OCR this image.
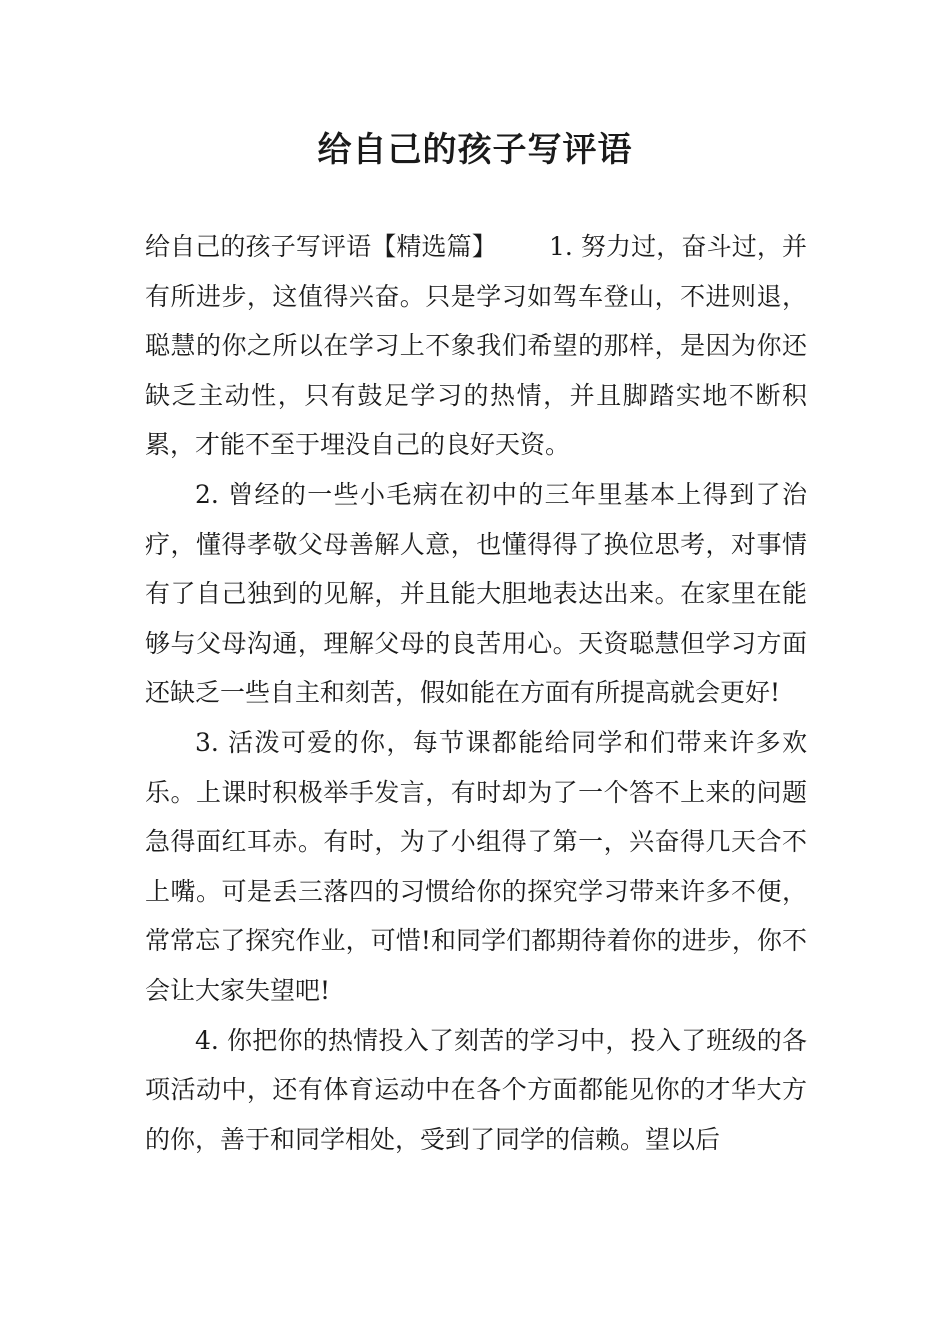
给自己的孩子写评语

给自己的孩子写评语【精选篇】 1. 努力过，奋斗过，并有所进步，这值得兴奋。只是学习如驾车登山，不进则退，聪慧的你之所以在学习上不象我们希望的那样，是因为你还缺乏主动性，只有鼓足学习的热情，并且脚踏实地不断积累，才能不至于埋没自己的良好天资。

2. 曾经的一些小毛病在初中的三年里基本上得到了治疗，懂得孝敬父母善解人意，也懂得得了换位思考，对事情有了自己独到的见解，并且能大胆地表达出来。在家里在能够与父母沟通，理解父母的良苦用心。天资聪慧但学习方面还缺乏一些自主和刻苦，假如能在方面有所提高就会更好!

3. 活泼可爱的你，每节课都能给同学和们带来许多欢乐。上课时积极举手发言，有时却为了一个答不上来的问题急得面红耳赤。有时，为了小组得了第一，兴奋得几天合不上嘴。可是丢三落四的习惯给你的探究学习带来许多不便，常常忘了探究作业，可惜!和同学们都期待着你的进步，你不会让大家失望吧!

4. 你把你的热情投入了刻苦的学习中，投入了班级的各项活动中，还有体育运动中在各个方面都能见你的才华大方的你，善于和同学相处，受到了同学的信赖。望以后
